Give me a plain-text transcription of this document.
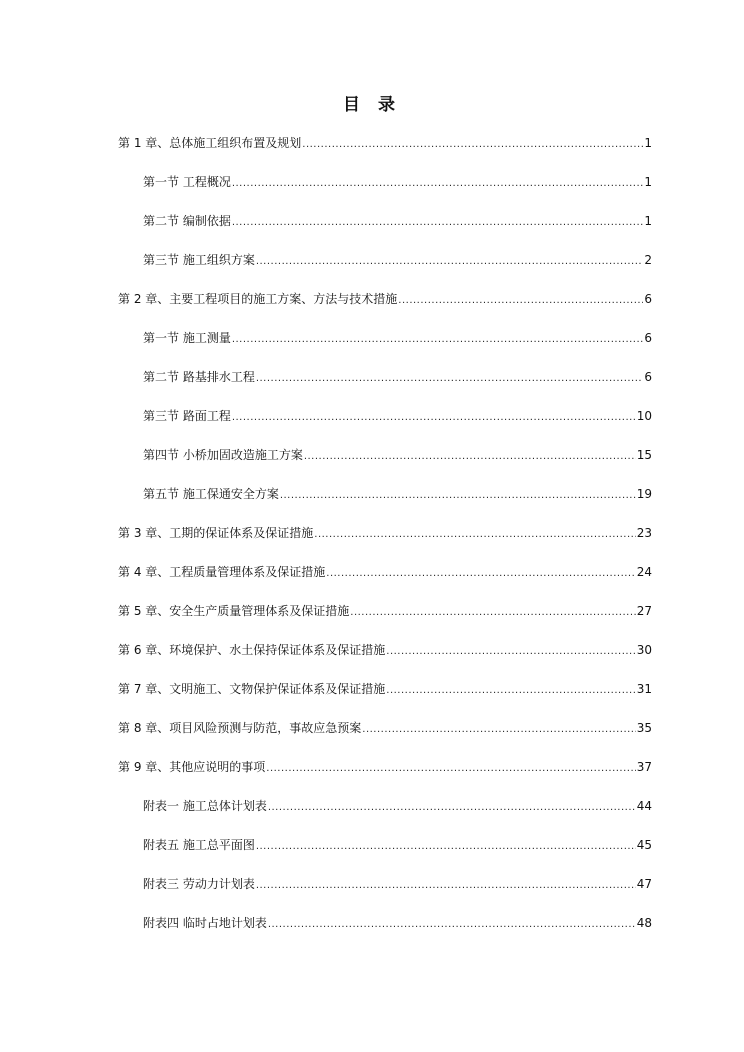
目 录
第 1 章、总体施工组织布置及规划 .....	1
第一节 工程概况 .....	1
第二节 编制依据 .....	1
第三节 施工组织方案 .....	2
第 2 章、主要工程项目的施工方案、方法与技术措施 .....	6
第一节 施工测量 .....	6
第二节 路基排水工程 .....	6
第三节 路面工程 .....	10
第四节 小桥加固改造施工方案 .....	15
第五节 施工保通安全方案 .....	19
第 3 章、工期的保证体系及保证措施 .....	23
第 4 章、工程质量管理体系及保证措施 .....	24
第 5 章、安全生产质量管理体系及保证措施 .....	27
第 6 章、环境保护、水土保持保证体系及保证措施 .....	30
第 7 章、文明施工、文物保护保证体系及保证措施 .....	31
第 8 章、项目风险预测与防范，事故应急预案 .....	35
第 9 章、其他应说明的事项 .....	37
附表一 施工总体计划表 .....	44
附表五 施工总平面图 .....	45
附表三 劳动力计划表 .....	47
附表四 临时占地计划表 .....	48
